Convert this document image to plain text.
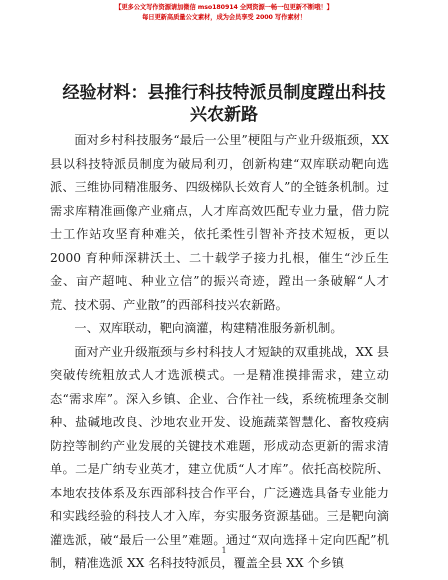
【更多公文写作资源请加微信 mso180914 全网资源一畅一包更新不断哦！】
每日更新高质量公文素材，成为会员享受 2000 写作素材！
经验材料：县推行科技特派员制度蹚出科技兴农新路

面对乡村科技服务“最后一公里”梗阻与产业升级瓶颈，XX 县以科技特派员制度为破局利刃，创新构建“双库联动靶向选派、三维协同精准服务、四级梯队长效育人”的全链条机制。过需求库精准画像产业痛点，人才库高效匹配专业力量，借力院士工作站攻坚育种难关，依托柔性引智补齐技术短板，更以 2000 育种师深耕沃土、二十载学子接力扎根，催生“沙丘生金、亩产超吨、种业立信”的振兴奇迹，蹚出一条破解“人才荒、技术弱、产业散”的西部科技兴农新路。

一、双库联动，靶向滴灌，构建精准服务新机制。

面对产业升级瓶颈与乡村科技人才短缺的双重挑战，XX 县突破传统粗放式人才选派模式。一是精准摸排需求，建立动态“需求库”。深入乡镇、企业、合作社一线，系统梳理条交制种、盐碱地改良、沙地农业开发、设施蔬菜智慧化、畜牧疫病防控等制约产业发展的关键技术难题，形成动态更新的需求清单。二是广纳专业英才，建立优质“人才库”。依托高校院所、本地农技体系及东西部科技合作平台，广泛遴选具备专业能力和实践经验的科技人才入库，夯实服务资源基础。三是靶向滴灌选派，破“最后一公里”难题。通过“双向选择＋定向匹配”机制，精准选派 XX 名科技特派员，覆盖全县 XX 个乡镇

1
